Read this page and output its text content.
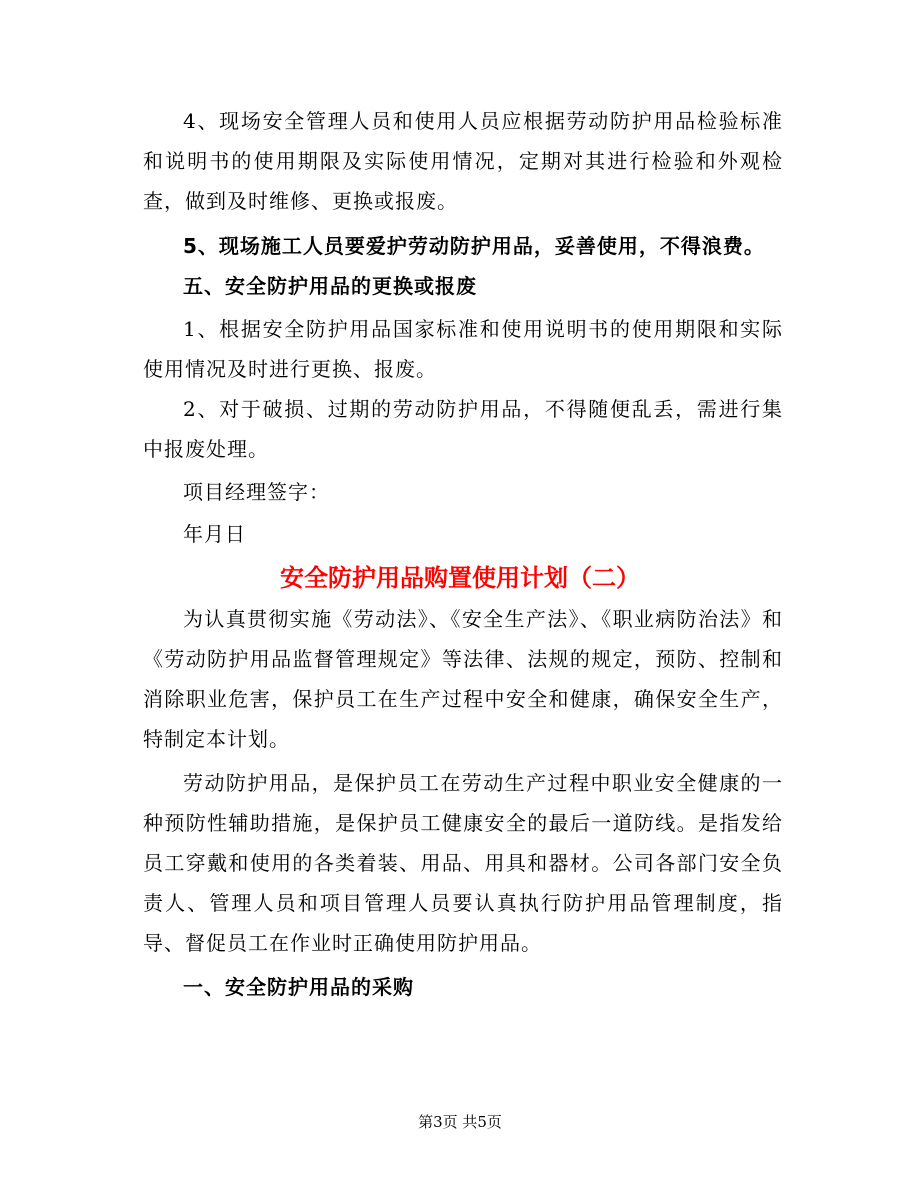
4、现场安全管理人员和使用人员应根据劳动防护用品检验标准和说明书的使用期限及实际使用情况，定期对其进行检验和外观检查，做到及时维修、更换或报废。

5、现场施工人员要爱护劳动防护用品，妥善使用，不得浪费。

五、安全防护用品的更换或报废

1、根据安全防护用品国家标准和使用说明书的使用期限和实际使用情况及时进行更换、报废。

2、对于破损、过期的劳动防护用品，不得随便乱丢，需进行集中报废处理。

项目经理签字：

年月日

安全防护用品购置使用计划（二）

为认真贯彻实施《劳动法》、《安全生产法》、《职业病防治法》和《劳动防护用品监督管理规定》等法律、法规的规定，预防、控制和消除职业危害，保护员工在生产过程中安全和健康，确保安全生产，特制定本计划。

劳动防护用品，是保护员工在劳动生产过程中职业安全健康的一种预防性辅助措施，是保护员工健康安全的最后一道防线。是指发给员工穿戴和使用的各类着装、用品、用具和器材。公司各部门安全负责人、管理人员和项目管理人员要认真执行防护用品管理制度，指导、督促员工在作业时正确使用防护用品。

一、安全防护用品的采购

第3页 共5页
